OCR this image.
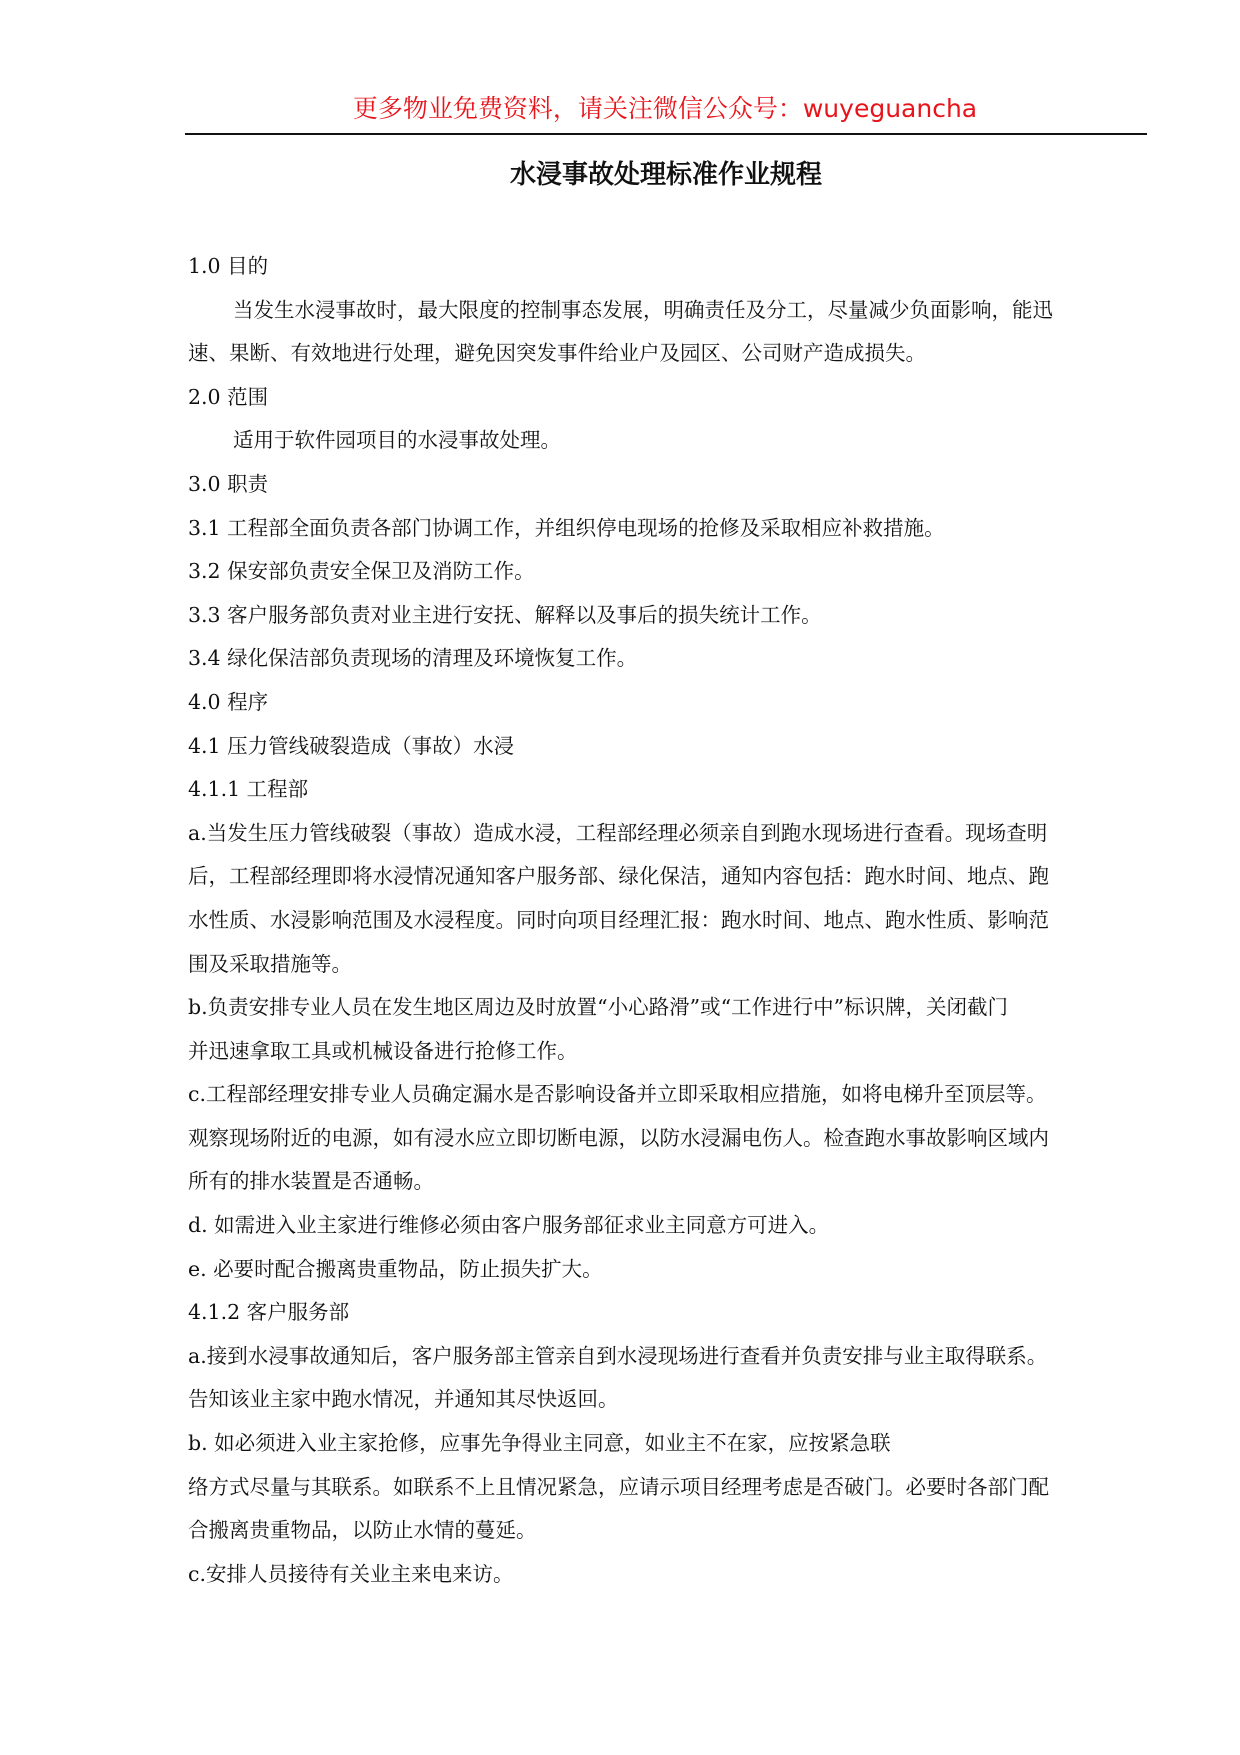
更多物业免费资料，请关注微信公众号：wuyeguancha
水浸事故处理标准作业规程

1.0 目的

当发生水浸事故时，最大限度的控制事态发展，明确责任及分工，尽量减少负面影响，能迅

速、果断、有效地进行处理，避免因突发事件给业户及园区、公司财产造成损失。

2.0 范围

适用于软件园项目的水浸事故处理。

3.0 职责

3.1 工程部全面负责各部门协调工作，并组织停电现场的抢修及采取相应补救措施。

3.2 保安部负责安全保卫及消防工作。

3.3 客户服务部负责对业主进行安抚、解释以及事后的损失统计工作。

3.4 绿化保洁部负责现场的清理及环境恢复工作。

4.0 程序

4.1 压力管线破裂造成（事故）水浸

4.1.1 工程部

a.当发生压力管线破裂（事故）造成水浸，工程部经理必须亲自到跑水现场进行查看。现场查明

后，工程部经理即将水浸情况通知客户服务部、绿化保洁，通知内容包括：跑水时间、地点、跑

水性质、水浸影响范围及水浸程度。同时向项目经理汇报：跑水时间、地点、跑水性质、影响范

围及采取措施等。

b.负责安排专业人员在发生地区周边及时放置“小心路滑”或“工作进行中”标识牌，关闭截门

并迅速拿取工具或机械设备进行抢修工作。

c.工程部经理安排专业人员确定漏水是否影响设备并立即采取相应措施，如将电梯升至顶层等。

观察现场附近的电源，如有浸水应立即切断电源，以防水浸漏电伤人。检查跑水事故影响区域内

所有的排水装置是否通畅。

d. 如需进入业主家进行维修必须由客户服务部征求业主同意方可进入。

e. 必要时配合搬离贵重物品，防止损失扩大。

4.1.2 客户服务部

a.接到水浸事故通知后，客户服务部主管亲自到水浸现场进行查看并负责安排与业主取得联系。

告知该业主家中跑水情况，并通知其尽快返回。

b. 如必须进入业主家抢修，应事先争得业主同意，如业主不在家，应按紧急联

络方式尽量与其联系。如联系不上且情况紧急，应请示项目经理考虑是否破门。必要时各部门配

合搬离贵重物品，以防止水情的蔓延。

c.安排人员接待有关业主来电来访。
